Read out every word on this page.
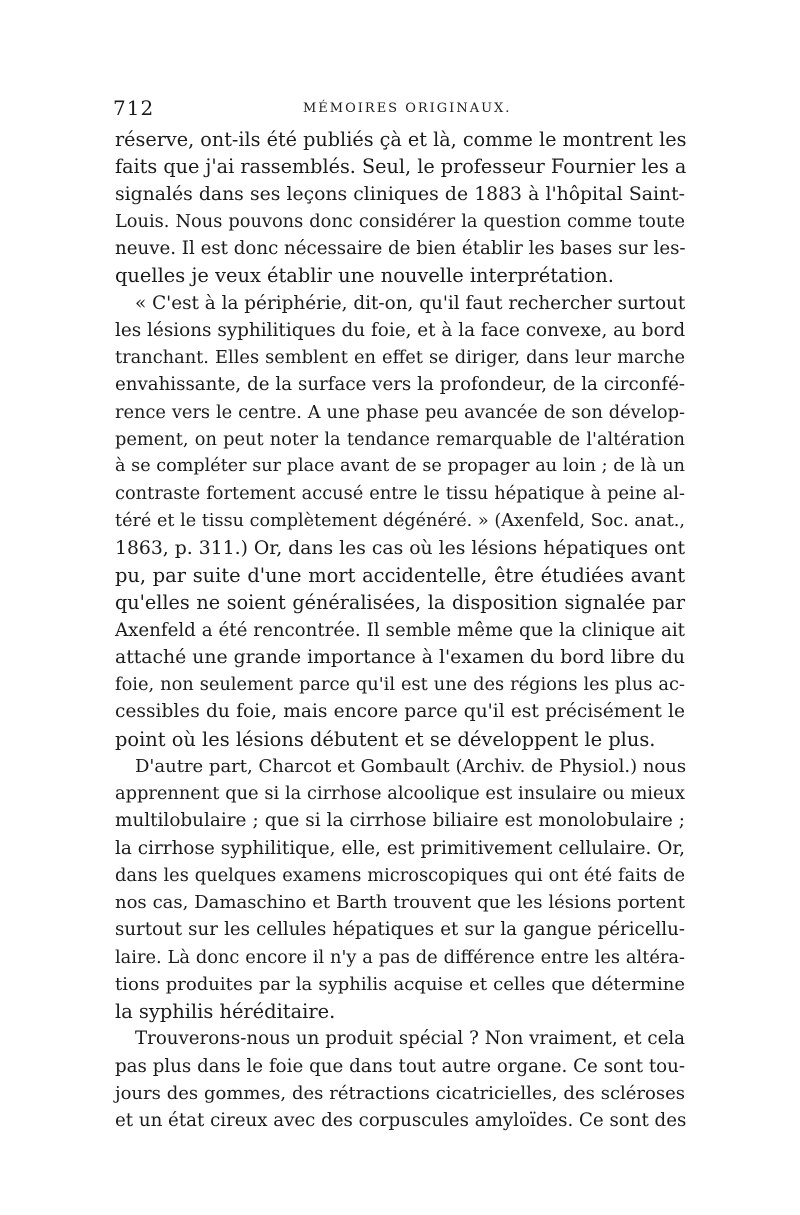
712	MÉMOIRES ORIGINAUX.

réserve, ont-ils été publiés çà et là, comme le montrent les
faits que j'ai rassemblés. Seul, le professeur Fournier les a
signalés dans ses leçons cliniques de 1883 à l'hôpital Saint-
Louis. Nous pouvons donc considérer la question comme toute
neuve. Il est donc nécessaire de bien établir les bases sur les-
quelles je veux établir une nouvelle interprétation.

« C'est à la périphérie, dit-on, qu'il faut rechercher surtout
les lésions syphilitiques du foie, et à la face convexe, au bord
tranchant. Elles semblent en effet se diriger, dans leur marche
envahissante, de la surface vers la profondeur, de la circonfé-
rence vers le centre. A une phase peu avancée de son dévelop-
pement, on peut noter la tendance remarquable de l'altération
à se compléter sur place avant de se propager au loin ; de là un
contraste fortement accusé entre le tissu hépatique à peine al-
téré et le tissu complètement dégénéré. » (Axenfeld, Soc. anat.,
1863, p. 311.) Or, dans les cas où les lésions hépatiques ont
pu, par suite d'une mort accidentelle, être étudiées avant
qu'elles ne soient généralisées, la disposition signalée par
Axenfeld a été rencontrée. Il semble même que la clinique ait
attaché une grande importance à l'examen du bord libre du
foie, non seulement parce qu'il est une des régions les plus ac-
cessibles du foie, mais encore parce qu'il est précisément le
point où les lésions débutent et se développent le plus.

D'autre part, Charcot et Gombault (Archiv. de Physiol.) nous
apprennent que si la cirrhose alcoolique est insulaire ou mieux
multilobulaire ; que si la cirrhose biliaire est monolobulaire ;
la cirrhose syphilitique, elle, est primitivement cellulaire. Or,
dans les quelques examens microscopiques qui ont été faits de
nos cas, Damaschino et Barth trouvent que les lésions portent
surtout sur les cellules hépatiques et sur la gangue péricellu-
laire. Là donc encore il n'y a pas de différence entre les altéra-
tions produites par la syphilis acquise et celles que détermine
la syphilis héréditaire.

Trouverons-nous un produit spécial ? Non vraiment, et cela
pas plus dans le foie que dans tout autre organe. Ce sont tou-
jours des gommes, des rétractions cicatricielles, des scléroses
et un état cireux avec des corpuscules amyloïdes. Ce sont des
